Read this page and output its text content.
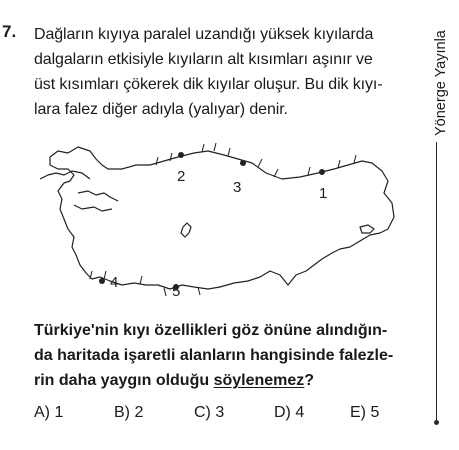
7. Dağların kıyıya paralel uzandığı yüksek kıyılarda
dalgaların etkisiyle kıyıların alt kısımları aşınır ve
üst kısımları çökerek dik kıyılar oluşur. Bu dik kıyı-
lara falez diğer adıyla (yalıyar) denir.	Yönerge Yayınla
1
2
3
4
5
Türkiye'nin kıyı özellikleri göz önüne alındığın-
da haritada işaretli alanların hangisinde falezle-
rin daha yaygın olduğu söylenemez?
A) 1	B) 2	C) 3	D) 4	E) 5
